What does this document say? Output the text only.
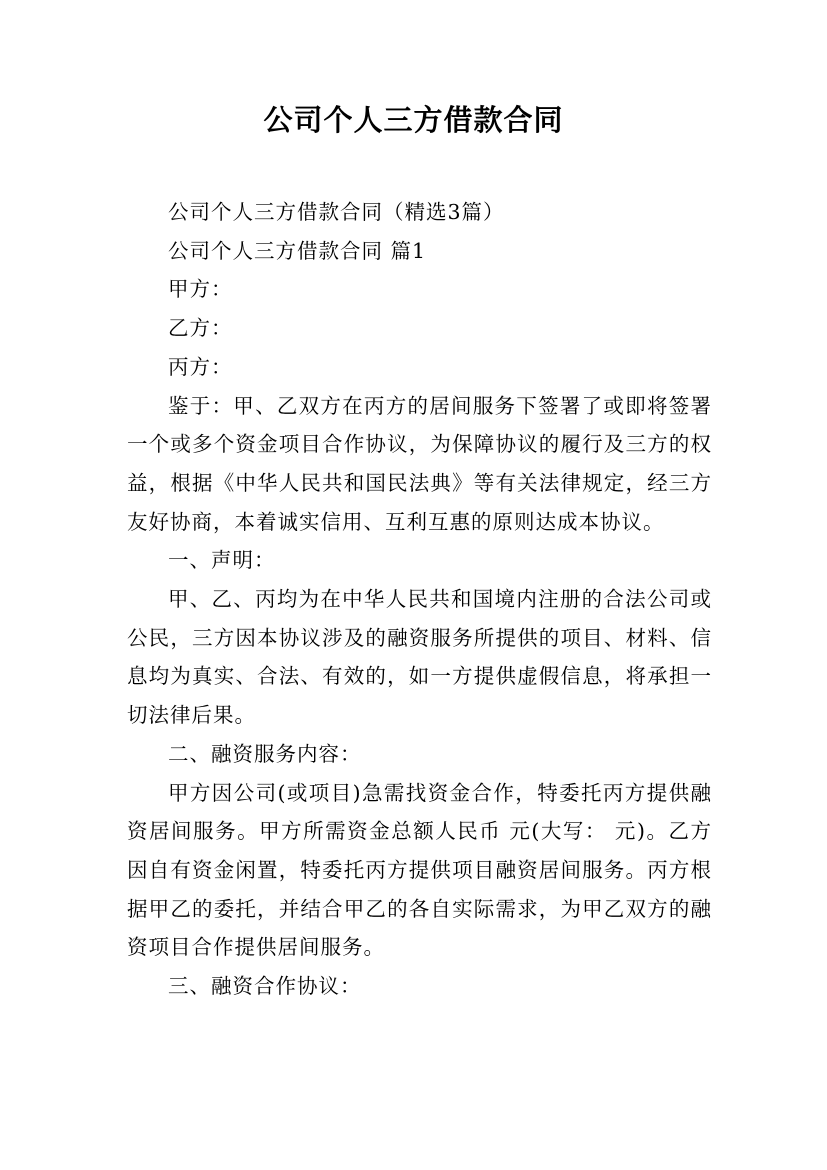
公司个人三方借款合同

公司个人三方借款合同（精选3篇）

公司个人三方借款合同 篇1

甲方：

乙方：

丙方：

鉴于：甲、乙双方在丙方的居间服务下签署了或即将签署一个或多个资金项目合作协议，为保障协议的履行及三方的权益，根据《中华人民共和国民法典》等有关法律规定，经三方友好协商，本着诚实信用、互利互惠的原则达成本协议。

一、声明：

甲、乙、丙均为在中华人民共和国境内注册的合法公司或公民，三方因本协议涉及的融资服务所提供的项目、材料、信息均为真实、合法、有效的，如一方提供虚假信息，将承担一切法律后果。

二、融资服务内容：

甲方因公司(或项目)急需找资金合作，特委托丙方提供融资居间服务。甲方所需资金总额人民币 元(大写： 元)。乙方因自有资金闲置，特委托丙方提供项目融资居间服务。丙方根据甲乙的委托，并结合甲乙的各自实际需求，为甲乙双方的融资项目合作提供居间服务。

三、融资合作协议：
